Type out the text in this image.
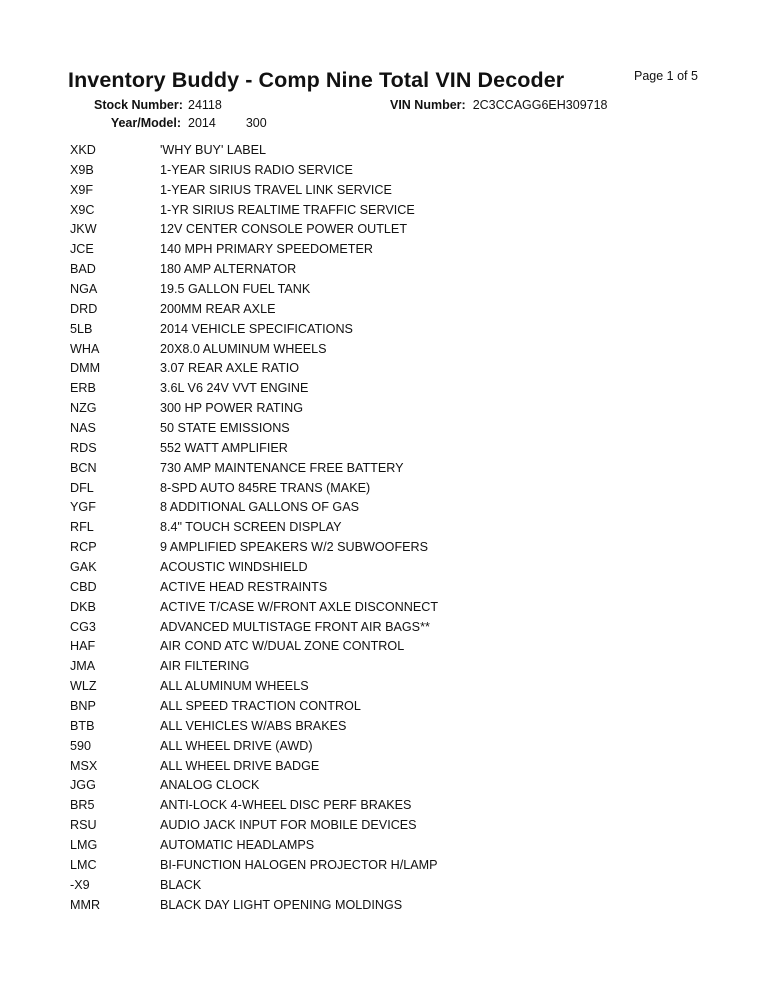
Inventory Buddy - Comp Nine Total VIN Decoder	Page 1 of 5
Stock Number: 24118	VIN Number: 2C3CCAGG6EH309718
Year/Model: 2014 300
XKD	'WHY BUY' LABEL
X9B	1-YEAR SIRIUS RADIO SERVICE
X9F	1-YEAR SIRIUS TRAVEL LINK SERVICE
X9C	1-YR SIRIUS REALTIME TRAFFIC SERVICE
JKW	12V CENTER CONSOLE POWER OUTLET
JCE	140 MPH PRIMARY SPEEDOMETER
BAD	180 AMP ALTERNATOR
NGA	19.5 GALLON FUEL TANK
DRD	200MM REAR AXLE
5LB	2014 VEHICLE SPECIFICATIONS
WHA	20X8.0 ALUMINUM WHEELS
DMM	3.07 REAR AXLE RATIO
ERB	3.6L V6 24V VVT ENGINE
NZG	300 HP POWER RATING
NAS	50 STATE EMISSIONS
RDS	552 WATT AMPLIFIER
BCN	730 AMP MAINTENANCE FREE BATTERY
DFL	8-SPD AUTO 845RE TRANS (MAKE)
YGF	8 ADDITIONAL GALLONS OF GAS
RFL	8.4" TOUCH SCREEN DISPLAY
RCP	9 AMPLIFIED SPEAKERS W/2 SUBWOOFERS
GAK	ACOUSTIC WINDSHIELD
CBD	ACTIVE HEAD RESTRAINTS
DKB	ACTIVE T/CASE W/FRONT AXLE DISCONNECT
CG3	ADVANCED MULTISTAGE FRONT AIR BAGS**
HAF	AIR COND ATC W/DUAL ZONE CONTROL
JMA	AIR FILTERING
WLZ	ALL ALUMINUM WHEELS
BNP	ALL SPEED TRACTION CONTROL
BTB	ALL VEHICLES W/ABS BRAKES
590	ALL WHEEL DRIVE (AWD)
MSX	ALL WHEEL DRIVE BADGE
JGG	ANALOG CLOCK
BR5	ANTI-LOCK 4-WHEEL DISC PERF BRAKES
RSU	AUDIO JACK INPUT FOR MOBILE DEVICES
LMG	AUTOMATIC HEADLAMPS
LMC	BI-FUNCTION HALOGEN PROJECTOR H/LAMP
-X9	BLACK
MMR	BLACK DAY LIGHT OPENING MOLDINGS
